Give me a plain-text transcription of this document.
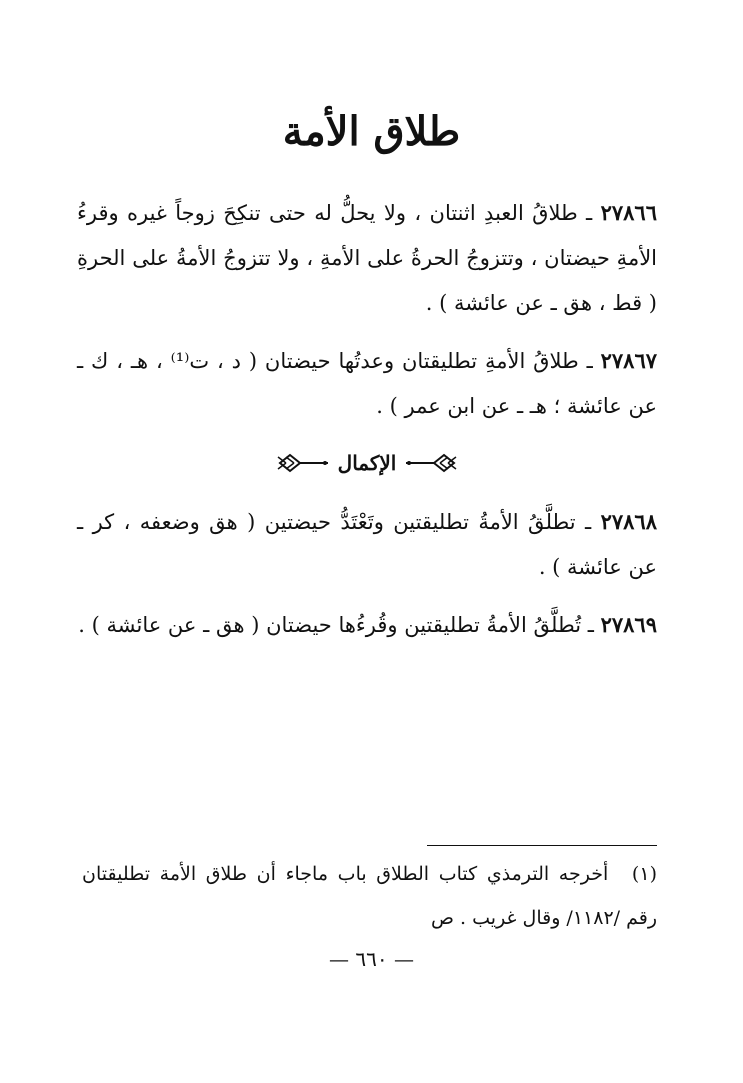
طلاق الأمة

٢٧٨٦٦ ـ طلاقُ العبدِ اثنتان ، ولا يحلُّ له حتى تنكِحَ زوجاً غيره وقرءُ الأمةِ حيضتان ، وتتزوجُ الحرةُ على الأمةِ ، ولا تتزوجُ الأمةُ على الحرةِ ( قط ، هق ـ عن عائشة ) .

٢٧٨٦٧ ـ طلاقُ الأمةِ تطليقتان وعدتُها حيضتان ( د ، ت⁽¹⁾ ، هـ ، ك ـ عن عائشة ؛ هـ ـ عن ابن عمر ) .

الإكمال

٢٧٨٦٨ ـ تطلَّقُ الأمةُ تطليقتين وتَعْتَدُّ حيضتين ( هق وضعفه ، كر ـ عن عائشة ) .

٢٧٨٦٩ ـ تُطلَّقُ الأمةُ تطليقتين وقُرءُها حيضتان ( هق ـ عن عائشة ) .

(١) أخرجه الترمذي كتاب الطلاق باب ماجاء أن طلاق الأمة تطليقتان رقم /١١٨٢/ وقال غريب . ص
— ٦٦٠ —
